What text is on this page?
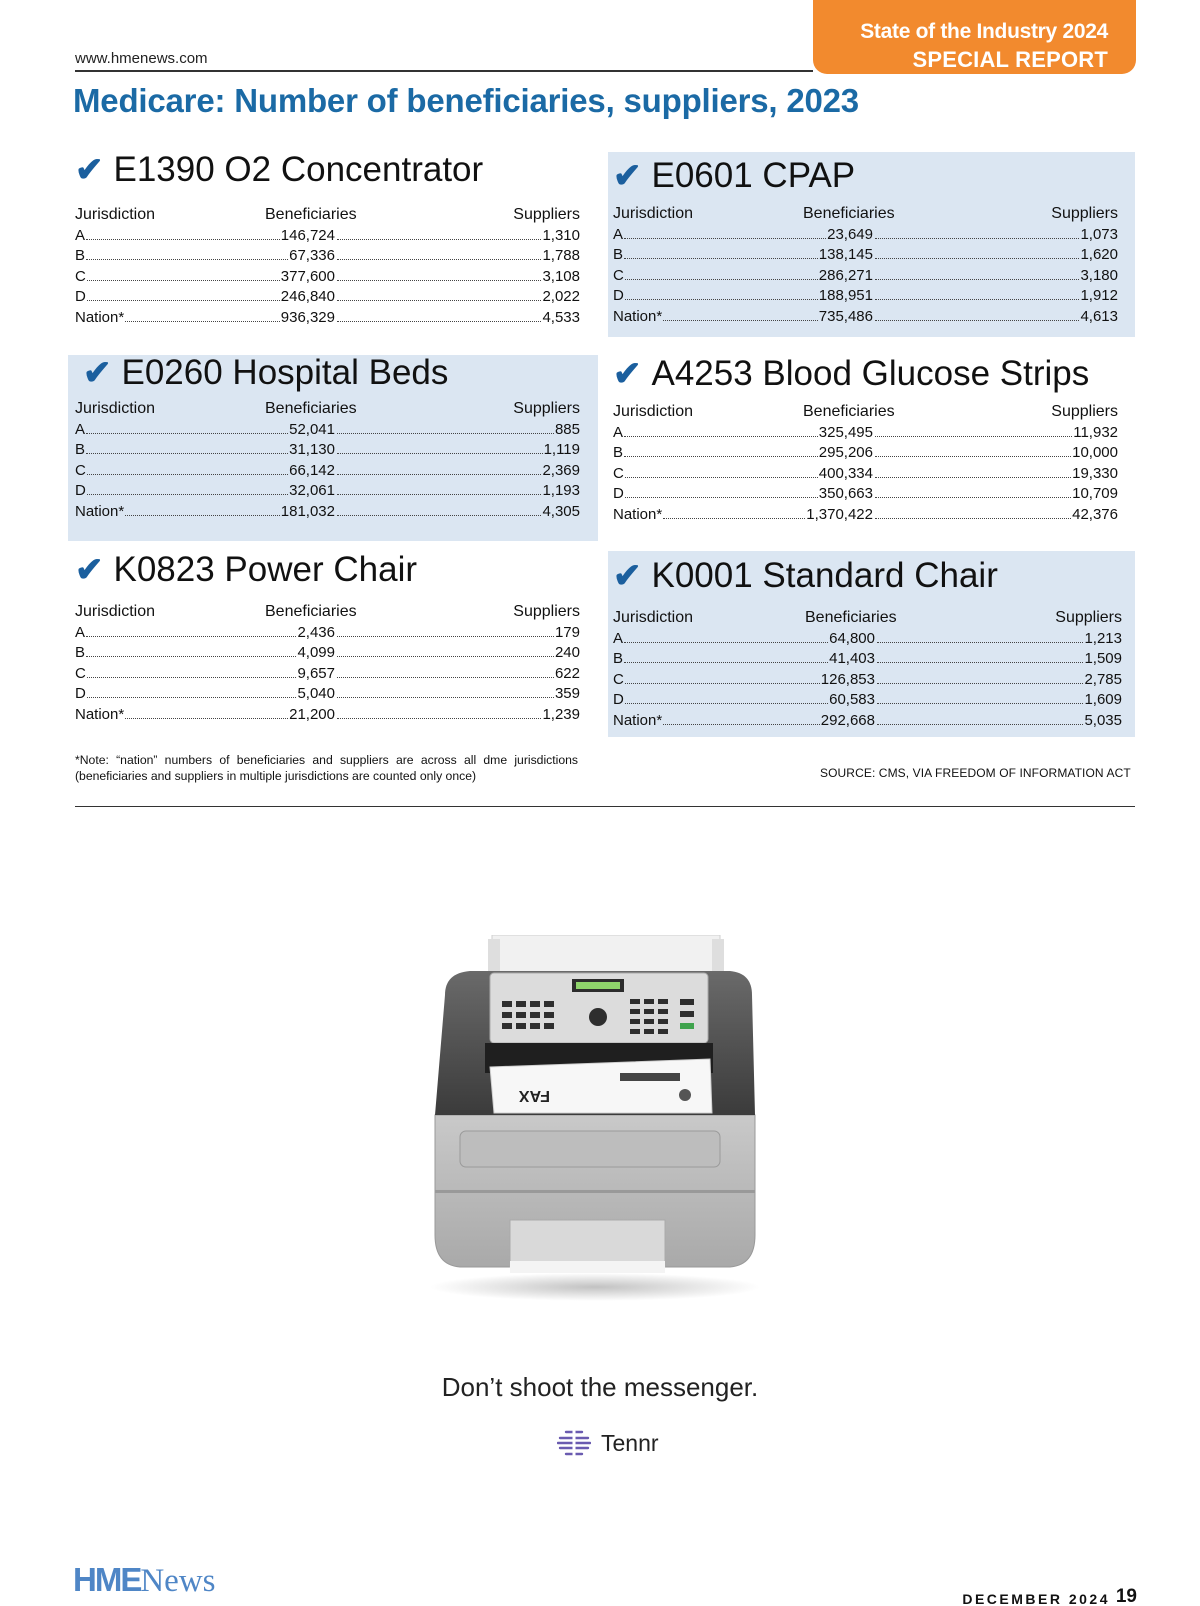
www.hmenews.com
State of the Industry 2024
SPECIAL REPORT
Medicare: Number of beneficiaries, suppliers, 2023
✔ E1390 O2 Concentrator
Jurisdiction	Beneficiaries	Suppliers
A	146,724	1,310
B	67,336	1,788
C	377,600	3,108
D	246,840	2,022
Nation*	936,329	4,533
✔ E0601 CPAP
Jurisdiction	Beneficiaries	Suppliers
A	23,649	1,073
B	138,145	1,620
C	286,271	3,180
D	188,951	1,912
Nation*	735,486	4,613
✔ E0260 Hospital Beds
Jurisdiction	Beneficiaries	Suppliers
A	52,041	885
B	31,130	1,119
C	66,142	2,369
D	32,061	1,193
Nation*	181,032	4,305
✔ A4253 Blood Glucose Strips
Jurisdiction	Beneficiaries	Suppliers
A	325,495	11,932
B	295,206	10,000
C	400,334	19,330
D	350,663	10,709
Nation*	1,370,422	42,376
✔ K0823 Power Chair
Jurisdiction	Beneficiaries	Suppliers
A	2,436	179
B	4,099	240
C	9,657	622
D	5,040	359
Nation*	21,200	1,239
✔ K0001 Standard Chair
Jurisdiction	Beneficiaries	Suppliers
A	64,800	1,213
B	41,403	1,509
C	126,853	2,785
D	60,583	1,609
Nation*	292,668	5,035
*Note: “nation” numbers of beneficiaries and suppliers are across all dme jurisdictions (beneficiaries and suppliers in multiple jurisdictions are counted only once)	SOURCE: CMS, VIA FREEDOM OF INFORMATION ACT
FAX
Don’t shoot the messenger.
Tennr
HMENews	DECEMBER 2024 19
